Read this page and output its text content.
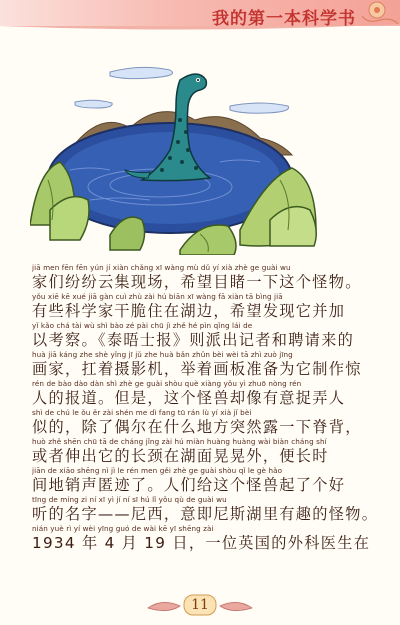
我的第一本科学书
jiā men fēn fēn yún jí xiàn chǎng xī wàng mù dǔ yí xià zhè ge guài wu
家们纷纷云集现场，希望目睹一下这个怪物。
yǒu xiē kē xué jiā gàn cuì zhù zài hú biān xī wàng fā xiàn tā bìng jiā
有些科学家干脆住在湖边，希望发现它并加
yǐ kǎo chá tài wù shì bào zé pài chū jì zhě hé pìn qǐng lái de
以考察。《泰晤士报》则派出记者和聘请来的
huà jiā káng zhe shè yǐng jī jǔ zhe huà bǎn zhǔn bèi wèi tā zhì zuò jīng
画家，扛着摄影机，举着画板准备为它制作惊
rén de bào dào dàn shì zhè ge guài shòu què xiàng yǒu yì zhuō nòng rén
人的报道。但是，这个怪兽却像有意捉弄人
shì de chú le ǒu ěr zài shén me dì fang tū rán lù yí xià jǐ bèi
似的，除了偶尔在什么地方突然露一下脊背，
huò zhě shēn chū tā de cháng jǐng zài hú miàn huàng huàng wài biàn cháng shí
或者伸出它的长颈在湖面晃晃外，便长时
jiān de xiāo shēng nì jì le rén men gěi zhè ge guài shòu qǐ le gè hǎo
间地销声匿迹了。人们给这个怪兽起了个好
tīng de míng zi ní xī yì jí ní sī hú lǐ yǒu qù de guài wu
听的名字——尼西，意即尼斯湖里有趣的怪物。
nián yuè rì yí wèi yīng guó de wài kē yī shēng zài
1934 年 4 月 19 日，一位英国的外科医生在
11
